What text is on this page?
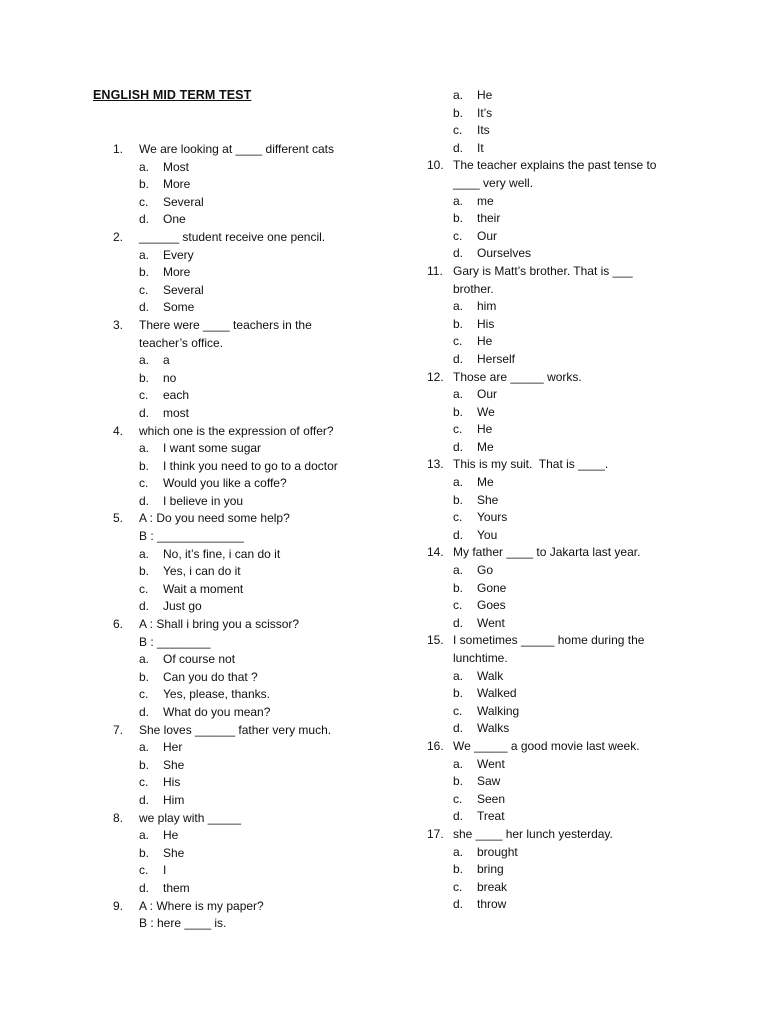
ENGLISH MID TERM TEST
1.	We are looking at ____ different cats
a.	Most
b.	More
c.	Several
d.	One
2.	______ student receive one pencil.
a.	Every
b.	More
c.	Several
d.	Some
3.	There were ____ teachers in the
teacher’s office.
a.	a
b.	no
c.	each
d.	most
4.	which one is the expression of offer?
a.	I want some sugar
b.	I think you need to go to a doctor
c.	Would you like a coffe?
d.	I believe in you
5.	A : Do you need some help?
B : _____________
a.	No, it’s fine, i can do it
b.	Yes, i can do it
c.	Wait a moment
d.	Just go
6.	A : Shall i bring you a scissor?
B : ________
a.	Of course not
b.	Can you do that ?
c.	Yes, please, thanks.
d.	What do you mean?
7.	She loves ______ father very much.
a.	Her
b.	She
c.	His
d.	Him
8.	we play with _____
a.	He
b.	She
c.	I
d.	them
9.	A : Where is my paper?
B : here ____ is.
a.	He
b.	It’s
c.	Its
d.	It
10. The teacher explains the past tense to
____ very well.
a.	me
b.	their
c.	Our
d.	Ourselves
11. Gary is Matt’s brother. That is ___
brother.
a.	him
b.	His
c.	He
d.	Herself
12. Those are _____ works.
a.	Our
b.	We
c.	He
d.	Me
13. This is my suit.  That is ____.
a.	Me
b.	She
c.	Yours
d.	You
14. My father ____ to Jakarta last year.
a.	Go
b.	Gone
c.	Goes
d.	Went
15. I sometimes _____ home during the
lunchtime.
a.	Walk
b.	Walked
c.	Walking
d.	Walks
16. We _____ a good movie last week.
a.	Went
b.	Saw
c.	Seen
d.	Treat
17. she ____ her lunch yesterday.
a.	brought
b.	bring
c.	break
d.	throw
